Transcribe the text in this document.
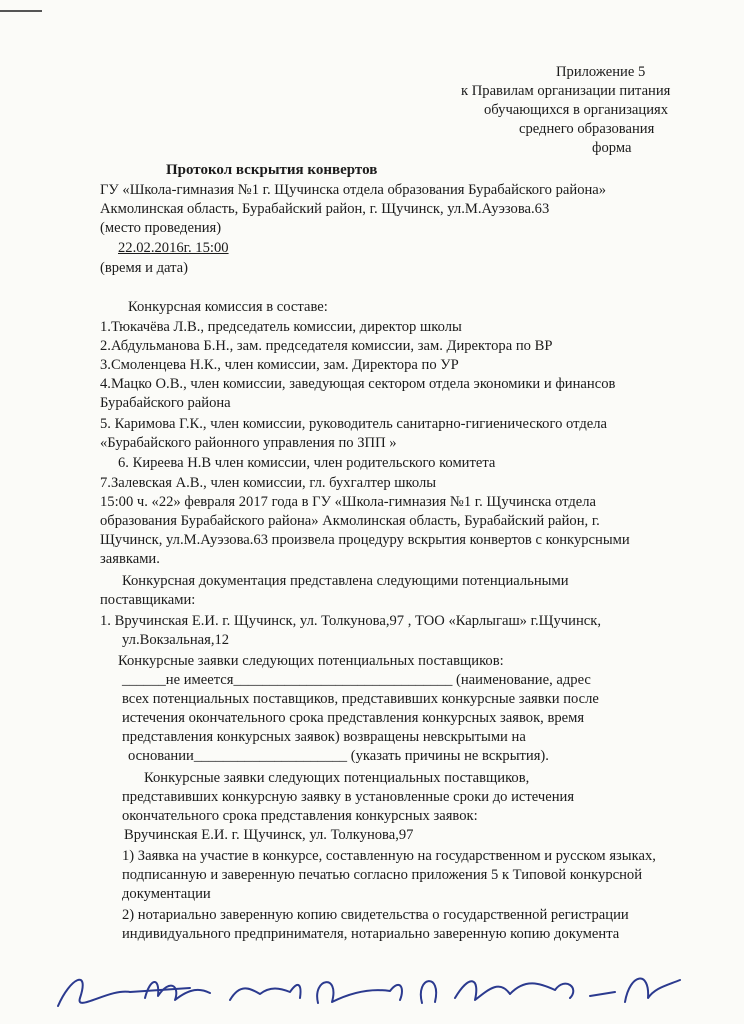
Приложение 5
к Правилам организации питания
обучающихся в организациях
среднего образования
форма
Протокол вскрытия конвертов
ГУ «Школа-гимназия №1 г. Щучинска отдела образования Бурабайского района»
Акмолинская область, Бурабайский район, г. Щучинск, ул.М.Ауэзова.63
(место проведения)
22.02.2016г. 15:00
(время и дата)
Конкурсная комиссия в составе:
1.Тюкачёва Л.В., председатель комиссии, директор школы
2.Абдульманова Б.Н., зам. председателя комиссии, зам. Директора по ВР
3.Смоленцева Н.К., член комиссии, зам. Директора по УР
4.Мацко О.В., член комиссии, заведующая сектором отдела экономики и финансов
Бурабайского района
5. Каримова Г.К., член комиссии, руководитель санитарно-гигиенического отдела
«Бурабайского районного управления по ЗПП »
6. Киреева Н.В член комиссии, член родительского комитета
7.Залевская А.В., член комиссии, гл. бухгалтер школы
15:00 ч. «22» февраля 2017 года в ГУ «Школа-гимназия №1 г. Щучинска отдела
образования Бурабайского района» Акмолинская область, Бурабайский район, г.
Щучинск, ул.М.Ауэзова.63 произвела процедуру вскрытия конвертов с конкурсными
заявками.
Конкурсная документация представлена следующими потенциальными
поставщиками:
1. Вручинская Е.И. г. Щучинск, ул. Толкунова,97 , ТОО «Карлыгаш» г.Щучинск,
ул.Вокзальная,12
Конкурсные заявки следующих потенциальных поставщиков:
______не имеется______________________________ (наименование, адрес
всех потенциальных поставщиков, представивших конкурсные заявки после
истечения окончательного срока представления конкурсных заявок, время
представления конкурсных заявок) возвращены невскрытыми на
основании_____________________ (указать причины не вскрытия).
Конкурсные заявки следующих потенциальных поставщиков,
представивших конкурсную заявку в установленные сроки до истечения
окончательного срока представления конкурсных заявок:
Вручинская Е.И. г. Щучинск, ул. Толкунова,97
1) Заявка на участие в конкурсе, составленную на государственном и русском языках,
подписанную и заверенную печатью согласно приложения 5 к Типовой конкурсной
документации
2) нотариально заверенную копию свидетельства о государственной регистрации
индивидуального предпринимателя, нотариально заверенную копию документа
